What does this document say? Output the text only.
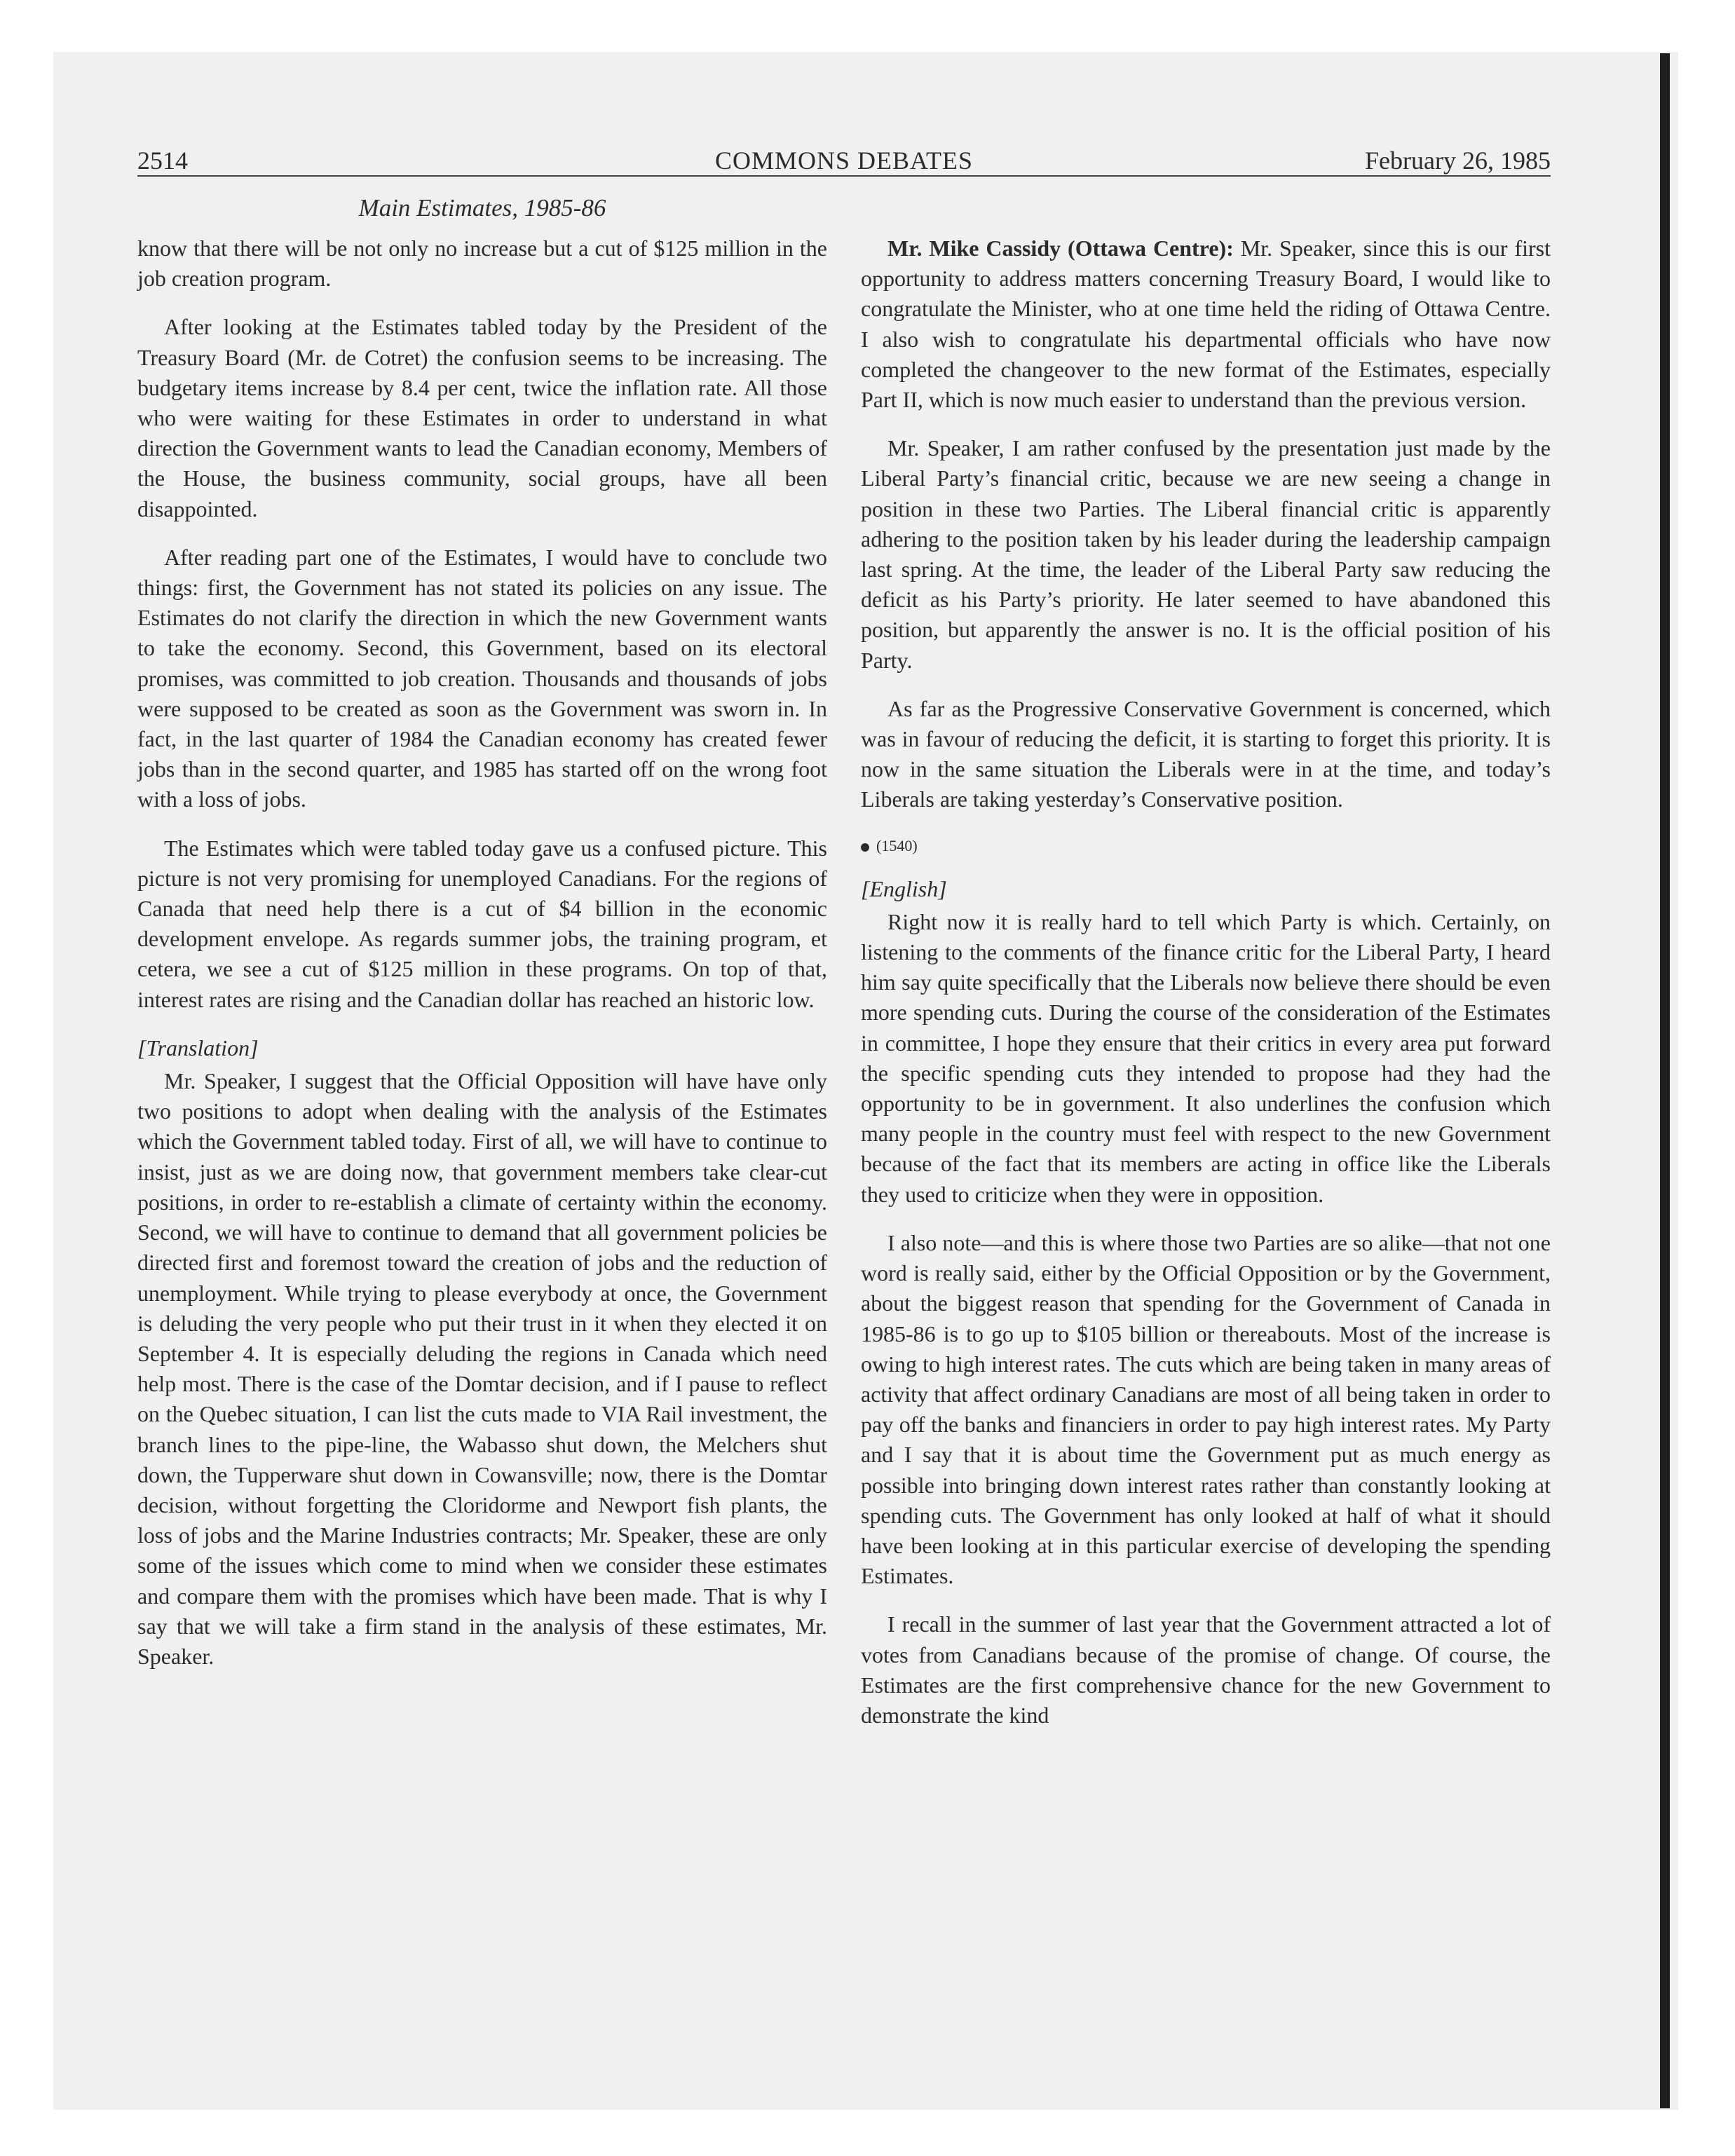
2514	COMMONS DEBATES	February 26, 1985
Main Estimates, 1985-86

know that there will be not only no increase but a cut of $125 million in the job creation program.

After looking at the Estimates tabled today by the President of the Treasury Board (Mr. de Cotret) the confusion seems to be increasing. The budgetary items increase by 8.4 per cent, twice the inflation rate. All those who were waiting for these Estimates in order to understand in what direction the Government wants to lead the Canadian economy, Members of the House, the business community, social groups, have all been disappointed.

After reading part one of the Estimates, I would have to conclude two things: first, the Government has not stated its policies on any issue. The Estimates do not clarify the direction in which the new Government wants to take the economy. Second, this Government, based on its electoral promises, was committed to job creation. Thousands and thousands of jobs were supposed to be created as soon as the Government was sworn in. In fact, in the last quarter of 1984 the Canadian economy has created fewer jobs than in the second quarter, and 1985 has started off on the wrong foot with a loss of jobs.

The Estimates which were tabled today gave us a confused picture. This picture is not very promising for unemployed Canadians. For the regions of Canada that need help there is a cut of $4 billion in the economic development envelope. As regards summer jobs, the training program, et cetera, we see a cut of $125 million in these programs. On top of that, interest rates are rising and the Canadian dollar has reached an historic low.

[Translation]

Mr. Speaker, I suggest that the Official Opposition will have have only two positions to adopt when dealing with the analysis of the Estimates which the Government tabled today. First of all, we will have to continue to insist, just as we are doing now, that government members take clear-cut positions, in order to re-establish a climate of certainty within the economy. Second, we will have to continue to demand that all government policies be directed first and foremost toward the creation of jobs and the reduction of unemployment. While trying to please everybody at once, the Government is deluding the very people who put their trust in it when they elected it on September 4. It is especially deluding the regions in Canada which need help most. There is the case of the Domtar decision, and if I pause to reflect on the Quebec situation, I can list the cuts made to VIA Rail investment, the branch lines to the pipe-line, the Wabasso shut down, the Melchers shut down, the Tupperware shut down in Cowansville; now, there is the Domtar decision, without forgetting the Cloridorme and Newport fish plants, the loss of jobs and the Marine Industries contracts; Mr. Speaker, these are only some of the issues which come to mind when we consider these estimates and compare them with the promises which have been made. That is why I say that we will take a firm stand in the analysis of these estimates, Mr. Speaker.

Mr. Mike Cassidy (Ottawa Centre): Mr. Speaker, since this is our first opportunity to address matters concerning Treasury Board, I would like to congratulate the Minister, who at one time held the riding of Ottawa Centre. I also wish to congratulate his departmental officials who have now completed the changeover to the new format of the Estimates, especially Part II, which is now much easier to understand than the previous version.

Mr. Speaker, I am rather confused by the presentation just made by the Liberal Party’s financial critic, because we are new seeing a change in position in these two Parties. The Liberal financial critic is apparently adhering to the position taken by his leader during the leadership campaign last spring. At the time, the leader of the Liberal Party saw reducing the deficit as his Party’s priority. He later seemed to have abandoned this position, but apparently the answer is no. It is the official position of his Party.

As far as the Progressive Conservative Government is concerned, which was in favour of reducing the deficit, it is starting to forget this priority. It is now in the same situation the Liberals were in at the time, and today’s Liberals are taking yesterday’s Conservative position.

(1540)
[English]

Right now it is really hard to tell which Party is which. Certainly, on listening to the comments of the finance critic for the Liberal Party, I heard him say quite specifically that the Liberals now believe there should be even more spending cuts. During the course of the consideration of the Estimates in committee, I hope they ensure that their critics in every area put forward the specific spending cuts they intended to propose had they had the opportunity to be in government. It also underlines the confusion which many people in the country must feel with respect to the new Government because of the fact that its members are acting in office like the Liberals they used to criticize when they were in opposition.

I also note—and this is where those two Parties are so alike—that not one word is really said, either by the Official Opposition or by the Government, about the biggest reason that spending for the Government of Canada in 1985-86 is to go up to $105 billion or thereabouts. Most of the increase is owing to high interest rates. The cuts which are being taken in many areas of activity that affect ordinary Canadians are most of all being taken in order to pay off the banks and financiers in order to pay high interest rates. My Party and I say that it is about time the Government put as much energy as possible into bringing down interest rates rather than constantly looking at spending cuts. The Government has only looked at half of what it should have been looking at in this particular exercise of developing the spending Estimates.

I recall in the summer of last year that the Government attracted a lot of votes from Canadians because of the promise of change. Of course, the Estimates are the first comprehensive chance for the new Government to demonstrate the kind
